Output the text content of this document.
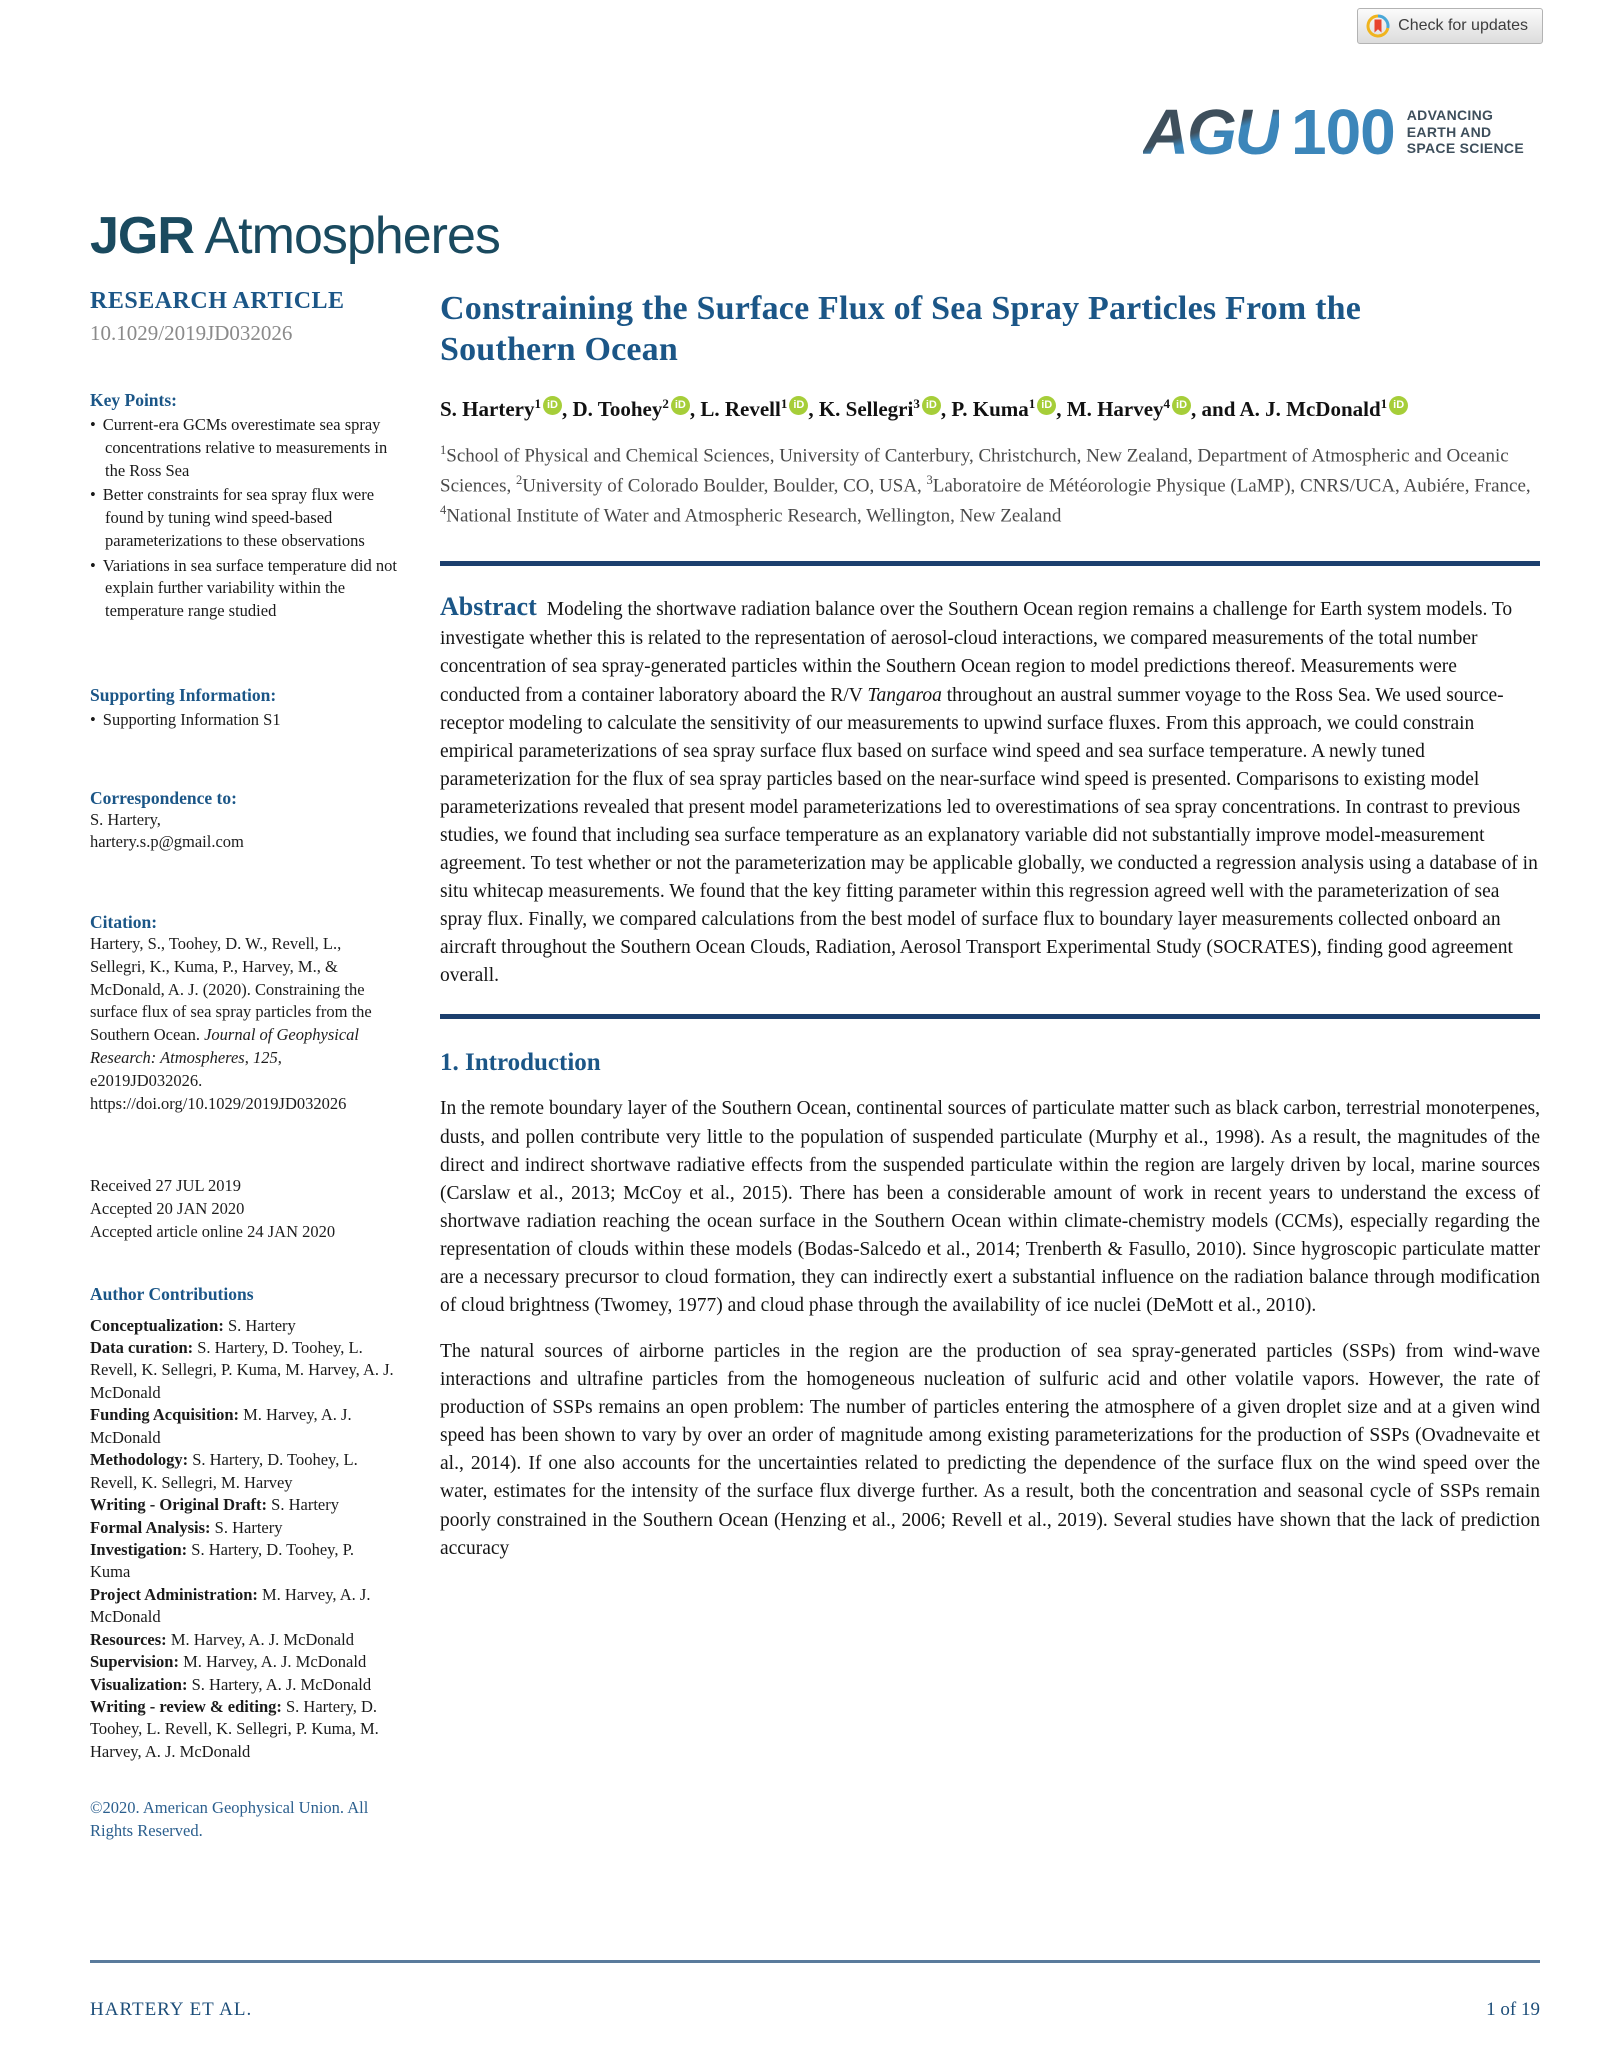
Check for updates
AGU 100 ADVANCING
EARTH AND
SPACE SCIENCE
JGR Atmospheres
RESEARCH ARTICLE
10.1029/2019JD032026
Key Points:
• Current-era GCMs overestimate sea spray concentrations relative to measurements in the Ross Sea
• Better constraints for sea spray flux were found by tuning wind speed-based parameterizations to these observations
• Variations in sea surface temperature did not explain further variability within the temperature range studied
Supporting Information:
• Supporting Information S1
Correspondence to:
S. Hartery,
hartery.s.p@gmail.com
Citation:
Hartery, S., Toohey, D. W., Revell, L., Sellegri, K., Kuma, P., Harvey, M., & McDonald, A. J. (2020). Constraining the surface flux of sea spray particles from the Southern Ocean. Journal of Geophysical Research: Atmospheres, 125, e2019JD032026. https://doi.org/10.1029/2019JD032026
Received 27 JUL 2019
Accepted 20 JAN 2020
Accepted article online 24 JAN 2020
Author Contributions
Conceptualization: S. Hartery
Data curation: S. Hartery, D. Toohey, L. Revell, K. Sellegri, P. Kuma, M. Harvey, A. J. McDonald
Funding Acquisition: M. Harvey, A. J. McDonald
Methodology: S. Hartery, D. Toohey, L. Revell, K. Sellegri, M. Harvey
Writing - Original Draft: S. Hartery
Formal Analysis: S. Hartery
Investigation: S. Hartery, D. Toohey, P. Kuma
Project Administration: M. Harvey, A. J. McDonald
Resources: M. Harvey, A. J. McDonald
Supervision: M. Harvey, A. J. McDonald
Visualization: S. Hartery, A. J. McDonald
Writing - review & editing: S. Hartery, D. Toohey, L. Revell, K. Sellegri, P. Kuma, M. Harvey, A. J. McDonald
©2020. American Geophysical Union. All Rights Reserved.
Constraining the Surface Flux of Sea Spray Particles From the Southern Ocean
S. Hartery$^1$ iD , D. Toohey$^2$ iD , L. Revell$^1$ iD , K. Sellegri$^3$ iD , P. Kuma$^1$ iD , M. Harvey$^4$ iD , and A. J. McDonald$^1$ iD
$^1$School of Physical and Chemical Sciences, University of Canterbury, Christchurch, New Zealand, Department of Atmospheric and Oceanic Sciences, $^2$University of Colorado Boulder, Boulder, CO, USA, $^3$Laboratoire de Météorologie Physique (LaMP), CNRS/UCA, Aubiére, France, $^4$National Institute of Water and Atmospheric Research, Wellington, New Zealand
Abstract Modeling the shortwave radiation balance over the Southern Ocean region remains a challenge for Earth system models. To investigate whether this is related to the representation of aerosol-cloud interactions, we compared measurements of the total number concentration of sea spray-generated particles within the Southern Ocean region to model predictions thereof. Measurements were conducted from a container laboratory aboard the R/V Tangaroa throughout an austral summer voyage to the Ross Sea. We used source-receptor modeling to calculate the sensitivity of our measurements to upwind surface fluxes. From this approach, we could constrain empirical parameterizations of sea spray surface flux based on surface wind speed and sea surface temperature. A newly tuned parameterization for the flux of sea spray particles based on the near-surface wind speed is presented. Comparisons to existing model parameterizations revealed that present model parameterizations led to overestimations of sea spray concentrations. In contrast to previous studies, we found that including sea surface temperature as an explanatory variable did not substantially improve model-measurement agreement. To test whether or not the parameterization may be applicable globally, we conducted a regression analysis using a database of in situ whitecap measurements. We found that the key fitting parameter within this regression agreed well with the parameterization of sea spray flux. Finally, we compared calculations from the best model of surface flux to boundary layer measurements collected onboard an aircraft throughout the Southern Ocean Clouds, Radiation, Aerosol Transport Experimental Study (SOCRATES), finding good agreement overall.
1. Introduction

In the remote boundary layer of the Southern Ocean, continental sources of particulate matter such as black carbon, terrestrial monoterpenes, dusts, and pollen contribute very little to the population of suspended particulate (Murphy et al., 1998). As a result, the magnitudes of the direct and indirect shortwave radiative effects from the suspended particulate within the region are largely driven by local, marine sources (Carslaw et al., 2013; McCoy et al., 2015). There has been a considerable amount of work in recent years to understand the excess of shortwave radiation reaching the ocean surface in the Southern Ocean within climate-chemistry models (CCMs), especially regarding the representation of clouds within these models (Bodas-Salcedo et al., 2014; Trenberth & Fasullo, 2010). Since hygroscopic particulate matter are a necessary precursor to cloud formation, they can indirectly exert a substantial influence on the radiation balance through modification of cloud brightness (Twomey, 1977) and cloud phase through the availability of ice nuclei (DeMott et al., 2010).

The natural sources of airborne particles in the region are the production of sea spray-generated particles (SSPs) from wind-wave interactions and ultrafine particles from the homogeneous nucleation of sulfuric acid and other volatile vapors. However, the rate of production of SSPs remains an open problem: The number of particles entering the atmosphere of a given droplet size and at a given wind speed has been shown to vary by over an order of magnitude among existing parameterizations for the production of SSPs (Ovadnevaite et al., 2014). If one also accounts for the uncertainties related to predicting the dependence of the surface flux on the wind speed over the water, estimates for the intensity of the surface flux diverge further. As a result, both the concentration and seasonal cycle of SSPs remain poorly constrained in the Southern Ocean (Henzing et al., 2006; Revell et al., 2019). Several studies have shown that the lack of prediction accuracy

HARTERY ET AL.	1 of 19
